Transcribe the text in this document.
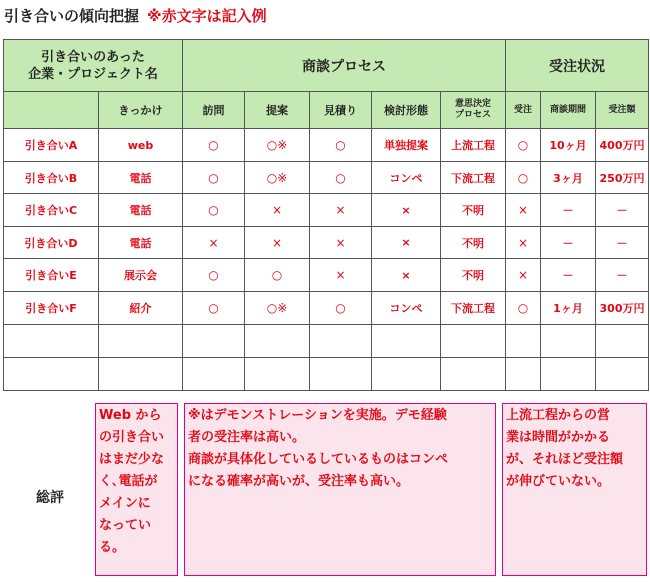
引き合いの傾向把握 ※赤文字は記入例
引き合いのあった
企業・プロジェクト名		商談プロセス					受注状況		
	きっかけ	訪問	提案	見積り	検討形態	意思決定
プロセス	受注	商談期間	受注額
引き合いA	web	○	○※	○	単独提案	上流工程	○	10ヶ月	400万円
引き合いB	電話	○	○※	○	コンペ	下流工程	○	3ヶ月	250万円
引き合いC	電話	○	×	×	×	不明	×	－	－
引き合いD	電話	×	×	×	×	不明	×	－	－
引き合いE	展示会	○	○	×	×	不明	×	－	－
引き合いF	紹介	○	○※	○	コンペ	下流工程	○	1ヶ月	300万円

総評

Web から
の引き合い
はまだ少な
く､電話が
メインに
なってい
る。

※はデモンストレーションを実施。デモ経験
者の受注率は高い。
商談が具体化しているしているものはコンペ
になる確率が高いが、受注率も高い。

上流工程からの営
業は時間がかかる
が、それほど受注額
が伸びていない。
